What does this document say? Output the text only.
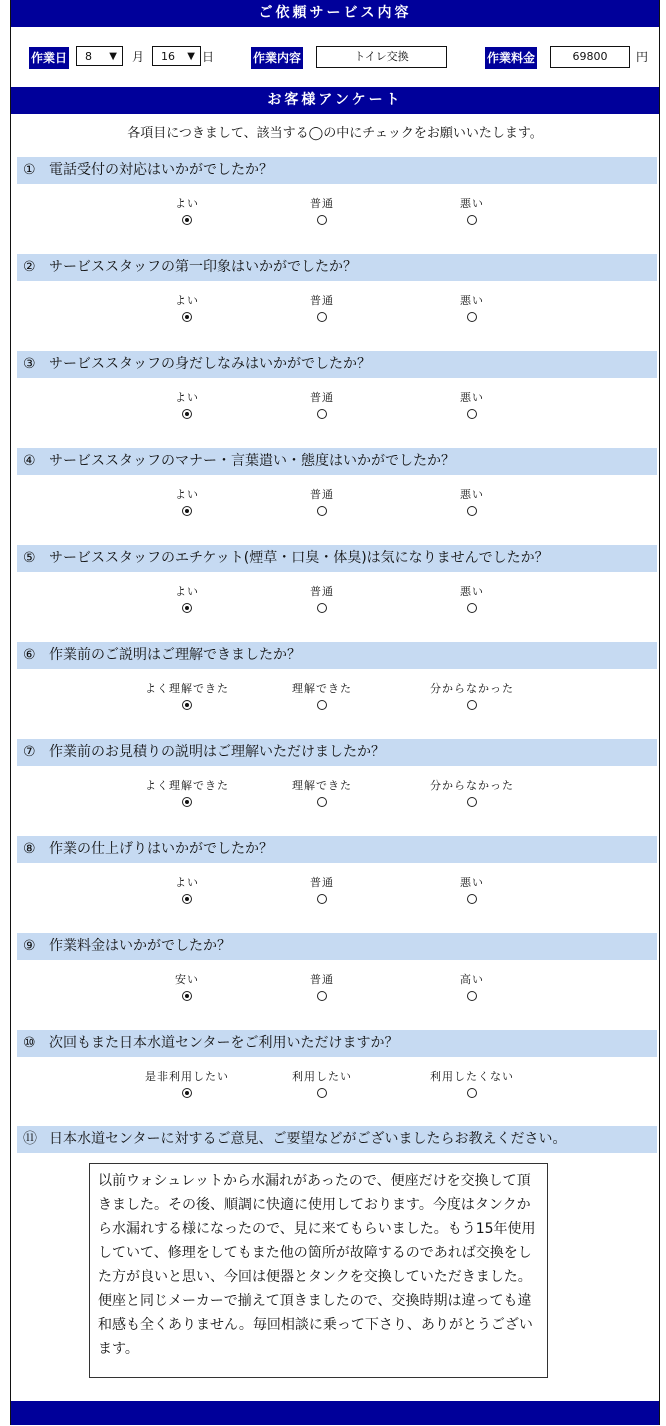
ご依頼サービス内容
作業日	8 ▼ 月	16 ▼ 日	作業内容	トイレ交換	作業料金	69800	円
お客様アンケート
各項目につきまして、該当する◯の中にチェックをお願いいたします。
① 電話受付の対応はいかがでしたか？
よい	普通	悪い
② サービススタッフの第一印象はいかがでしたか？
よい	普通	悪い
③ サービススタッフの身だしなみはいかがでしたか？
よい	普通	悪い
④ サービススタッフのマナー・言葉遣い・態度はいかがでしたか？
よい	普通	悪い
⑤ サービススタッフのエチケット(煙草・口臭・体臭)は気になりませんでしたか？
よい	普通	悪い
⑥ 作業前のご説明はご理解できましたか？
よく理解できた	理解できた	分からなかった
⑦ 作業前のお見積りの説明はご理解いただけましたか？
よく理解できた	理解できた	分からなかった
⑧ 作業の仕上げりはいかがでしたか？
よい	普通	悪い
⑨ 作業料金はいかがでしたか？
安い	普通	高い
⑩ 次回もまた日本水道センターをご利用いただけますか？
是非利用したい	利用したい	利用したくない
⑪ 日本水道センターに対するご意見、ご要望などがございましたらお教えください。
以前ウォシュレットから水漏れがあったので、便座だけを交換して頂きました。その後、順調に快適に使用しております。今度はタンクから水漏れする様になったので、見に来てもらいました。もう15年使用していて、修理をしてもまた他の箇所が故障するのであれば交換をした方が良いと思い、今回は便器とタンクを交換していただきました。便座と同じメーカーで揃えて頂きましたので、交換時期は違っても違和感も全くありません。毎回相談に乗って下さり、ありがとうございます。
